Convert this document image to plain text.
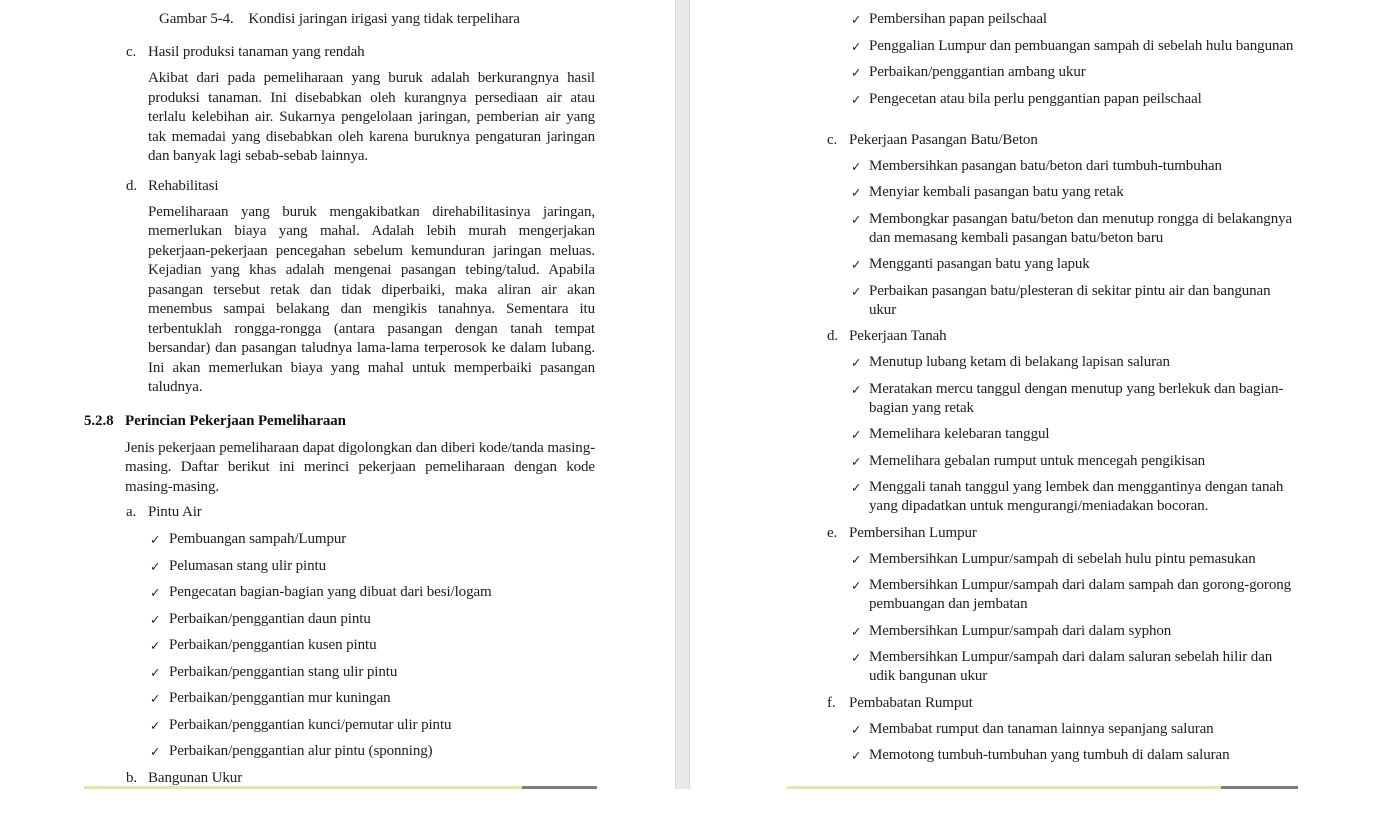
Gambar 5-4. Kondisi jaringan irigasi yang tidak terpelihara
c. Hasil produksi tanaman yang rendah

Akibat dari pada pemeliharaan yang buruk adalah berkurangnya hasil produksi tanaman. Ini disebabkan oleh kurangnya persediaan air atau terlalu kelebihan air. Sukarnya pengelolaan jaringan, pemberian air yang tak memadai yang disebabkan oleh karena buruknya pengaturan jaringan dan banyak lagi sebab-sebab lainnya.

d. Rehabilitasi

Pemeliharaan yang buruk mengakibatkan direhabilitasinya jaringan, memerlukan biaya yang mahal. Adalah lebih murah mengerjakan pekerjaan-pekerjaan pencegahan sebelum kemunduran jaringan meluas. Kejadian yang khas adalah mengenai pasangan tebing/talud. Apabila pasangan tersebut retak dan tidak diperbaiki, maka aliran air akan menembus sampai belakang dan mengikis tanahnya. Sementara itu terbentuklah rongga-rongga (antara pasangan dengan tanah tempat bersandar) dan pasangan taludnya lama-lama terperosok ke dalam lubang. Ini akan memerlukan biaya yang mahal untuk memperbaiki pasangan taludnya.

5.2.8 Perincian Pekerjaan Pemeliharaan

Jenis pekerjaan pemeliharaan dapat digolongkan dan diberi kode/tanda masing-masing. Daftar berikut ini merinci pekerjaan pemeliharaan dengan kode masing-masing.

a. Pintu Air
✓ Pembuangan sampah/Lumpur
✓ Pelumasan stang ulir pintu
✓ Pengecatan bagian-bagian yang dibuat dari besi/logam
✓ Perbaikan/penggantian daun pintu
✓ Perbaikan/penggantian kusen pintu
✓ Perbaikan/penggantian stang ulir pintu
✓ Perbaikan/penggantian mur kuningan
✓ Perbaikan/penggantian kunci/pemutar ulir pintu
✓ Perbaikan/penggantian alur pintu (sponning)
b. Bangunan Ukur
✓ Pembersihan papan peilschaal
✓ Penggalian Lumpur dan pembuangan sampah di sebelah hulu bangunan
✓ Perbaikan/penggantian ambang ukur
✓ Pengecetan atau bila perlu penggantian papan peilschaal
c. Pekerjaan Pasangan Batu/Beton
✓ Membersihkan pasangan batu/beton dari tumbuh-tumbuhan
✓ Menyiar kembali pasangan batu yang retak
✓ Membongkar pasangan batu/beton dan menutup rongga di belakangnya dan memasang kembali pasangan batu/beton baru
✓ Mengganti pasangan batu yang lapuk
✓ Perbaikan pasangan batu/plesteran di sekitar pintu air dan bangunan ukur
d. Pekerjaan Tanah
✓ Menutup lubang ketam di belakang lapisan saluran
✓ Meratakan mercu tanggul dengan menutup yang berlekuk dan bagian-bagian yang retak
✓ Memelihara kelebaran tanggul
✓ Memelihara gebalan rumput untuk mencegah pengikisan
✓ Menggali tanah tanggul yang lembek dan menggantinya dengan tanah yang dipadatkan untuk mengurangi/meniadakan bocoran.
e. Pembersihan Lumpur
✓ Membersihkan Lumpur/sampah di sebelah hulu pintu pemasukan
✓ Membersihkan Lumpur/sampah dari dalam sampah dan gorong-gorong pembuangan dan jembatan
✓ Membersihkan Lumpur/sampah dari dalam syphon
✓ Membersihkan Lumpur/sampah dari dalam saluran sebelah hilir dan udik bangunan ukur
f. Pembabatan Rumput
✓ Membabat rumput dan tanaman lainnya sepanjang saluran
✓ Memotong tumbuh-tumbuhan yang tumbuh di dalam saluran
